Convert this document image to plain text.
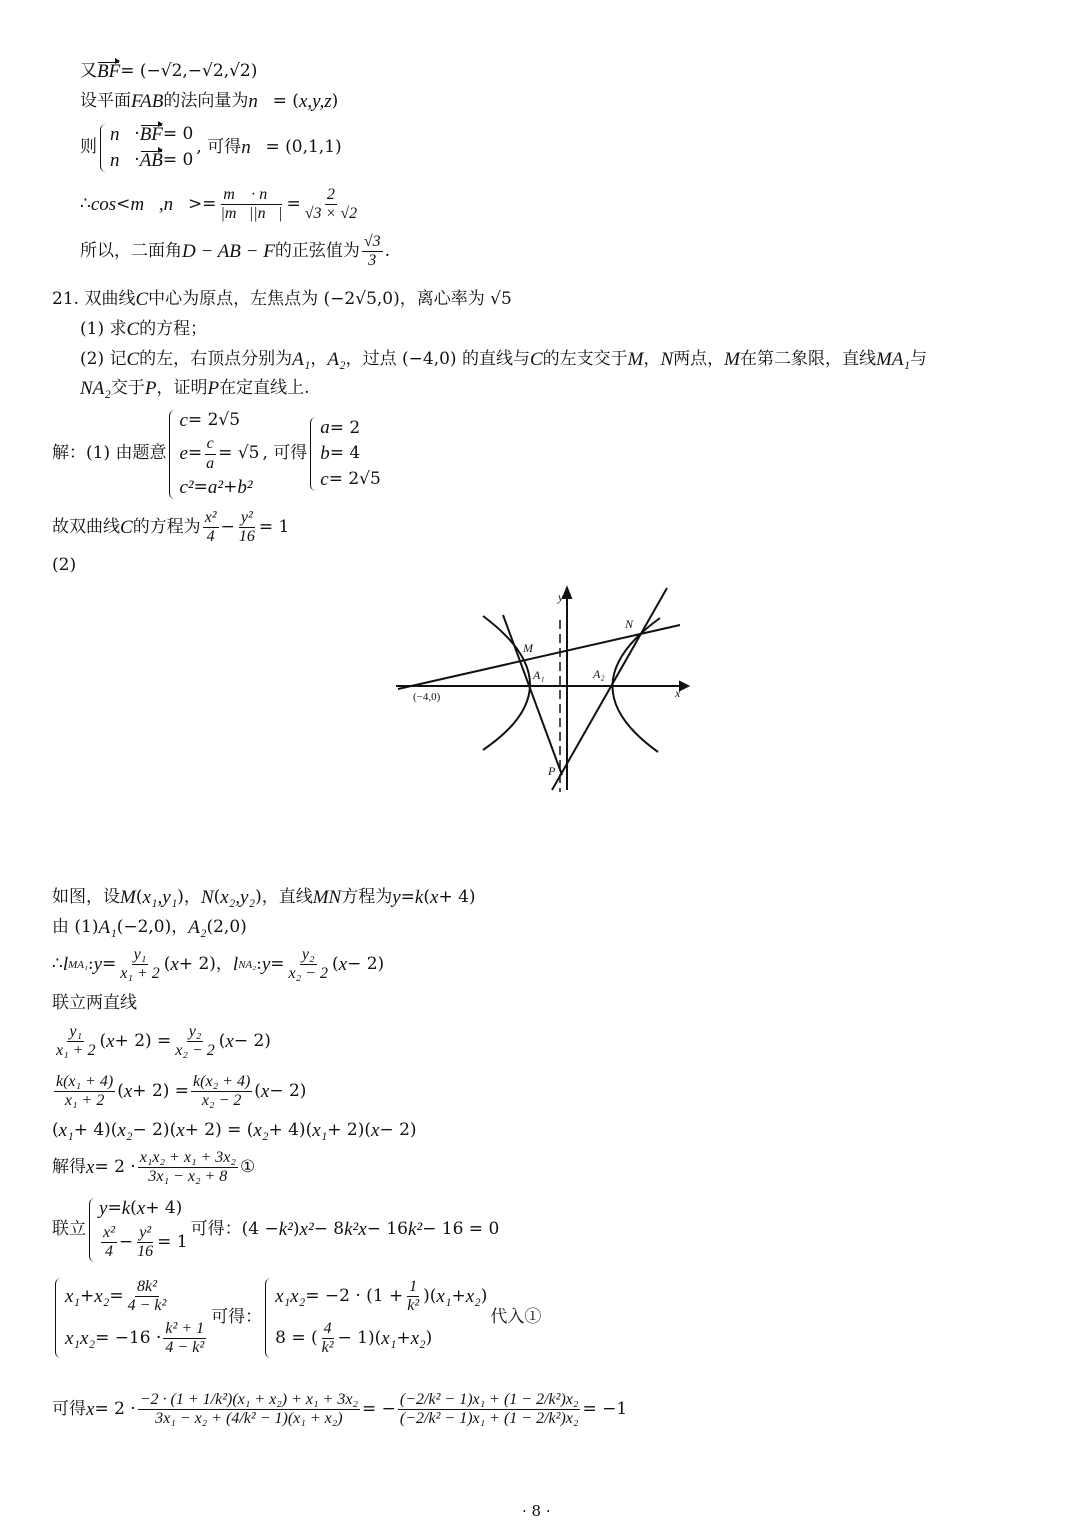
x
y
M
N
A₁	A₂
P
(−4,0)
· 8 ·
又 BF = (−√2,−√2,√2)
设平面 FAB 的法向量为 n⃗ = ( x,y,z )
则
n⃗ · BF = 0
n⃗ · AB = 0
, 可得 n⃗ = (0,1,1)
∴ cos < m⃗,n⃗ >= $\frac{m⃗ \cdot n⃗}{|m⃗||n⃗|} = \frac{2}{√3 \times √2}$
所以，二面角 D − AB − F 的正弦值为 $\frac{√3}{3}$ .
21. 双曲线 C 中心为原点，左焦点为 (−2√5,0)，离心率为 √5
(1) 求 C 的方程；
(2) 记 C 的左，右顶点分别为 A₁ ， A₂ ，过点 (−4,0) 的直线与 C 的左支交于 M ， N 两点， M 在第二象限，直线 MA₁ 与
NA₂ 交于 P ，证明 P 在定直线上.
解：(1) 由题意
c = 2√5
$e = \frac{c}{a} = √5$
c² = a² + b²
, 可得
a = 2
b = 4
c = 2√5
故双曲线 C 的方程为 $\frac{\text{x²}}{4} - \frac{\text{y²}}{16} = 1$
(2)
如图，设 M ( x₁,y₁ )， N ( x₂,y₂ )，直线 MN 方程为 y = k ( x + 4)
由 (1) A₁ (−2,0)， A₂ (2,0)
∴ l MA₁ : $y = \frac{\text{y₁}}{\text{x₁ + 2}}$ ( x + 2)， l NA₂ : $y = \frac{\text{y₂}}{\text{x₂ − 2}}$ ( x − 2)
联立两直线
$\frac{\text{y₁}}{\text{x₁ + 2}}$ ( $x + 2) = \frac{\text{y₂}}{\text{x₂ − 2}}$ ( x − 2)
$\frac{\text{k(x₁ + 4)}}{\text{x₁ + 2}}$ ( $x + 2) = \frac{\text{k(x₂ + 4)}}{\text{x₂ − 2}}$ ( x − 2)
( x₁ + 4)( x₂ − 2)( x + 2) = ( x₂ + 4)( x₁ + 2)( x − 2)
解得 $x = 2 \cdot \frac{\text{x₁x₂ + x₁ + 3x₂}}{\text{3x₁ − x₂ + 8}}$ ①
联立
y = k ( x + 4)
$\frac{\text{x²}}{4} - \frac{\text{y²}}{16} = 1$
可得：(4 − k² ) x² − 8 k²x − 16 k² − 16 = 0
$x_1 + x_2 = \frac{\text{8k²}}{\text{4 − k²}}$
$x_1x_2 = -16 \cdot \frac{\text{k² + 1}}{\text{4 − k²}}$
可得：
$x_1x_2 = -2 \cdot (1 + \frac{1}{\text{k²}}$ )( x₁ + x₂ )
8 = ( $\frac{4}{\text{k²}} - 1$)( x₁ + x₂ )
代入①
可得 $x = 2 \cdot \frac{\text{−2 · (1 + 1/k²)(x₁ + x₂) + x₁ + 3x₂}}{\text{3x₁ − x₂ + (4/k² − 1)(x₁ + x₂)}}$ = − $\frac{\text{(−2/k² − 1)x₁ + (1 − 2/k²)x₂}}{\text{(−2/k² − 1)x₁ + (1 − 2/k²)x₂}} = -1$
